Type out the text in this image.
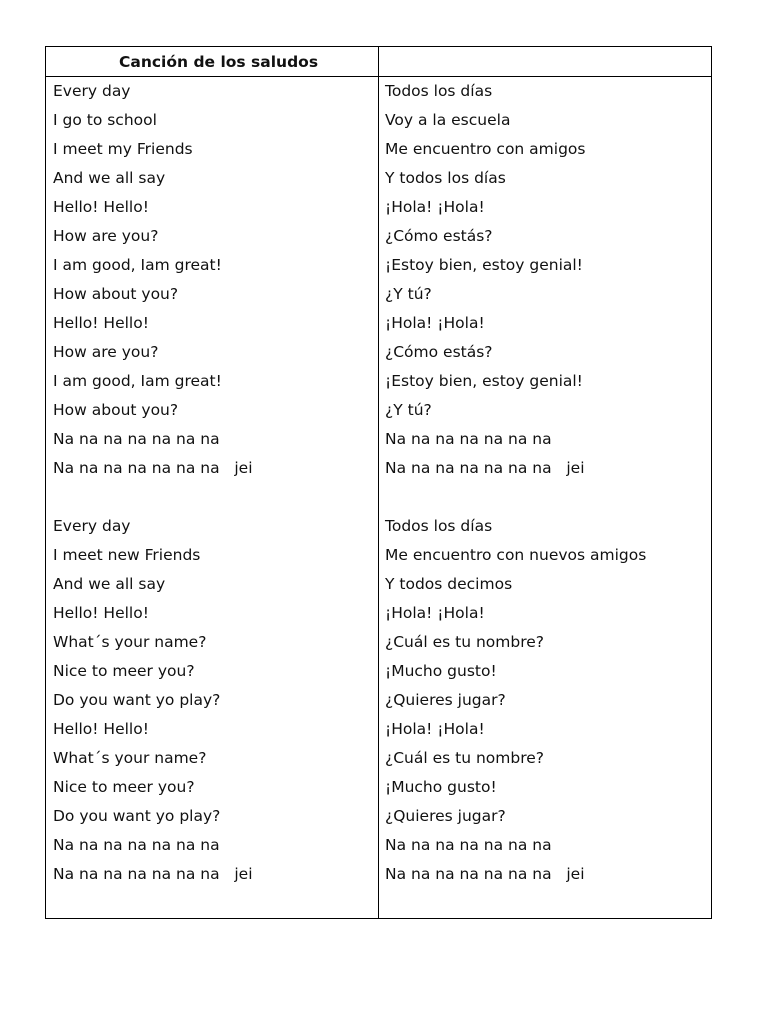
Canción de los saludos
Every day
I go to school
I meet my Friends
And we all say
Hello! Hello!
How are you?
I am good, Iam great!
How about you?
Hello! Hello!
How are you?
I am good, Iam great!
How about you?
Na na na na na na na
Na na na na na na na   jei
Every day
I meet new Friends
And we all say
Hello! Hello!
What´s your name?
Nice to meer you?
Do you want yo play?
Hello! Hello!
What´s your name?
Nice to meer you?
Do you want yo play?
Na na na na na na na
Na na na na na na na   jei
Todos los días
Voy a la escuela
Me encuentro con amigos
Y todos los días
¡Hola! ¡Hola!
¿Cómo estás?
¡Estoy bien, estoy genial!
¿Y tú?
¡Hola! ¡Hola!
¿Cómo estás?
¡Estoy bien, estoy genial!
¿Y tú?
Na na na na na na na
Na na na na na na na   jei
Todos los días
Me encuentro con nuevos amigos
Y todos decimos
¡Hola! ¡Hola!
¿Cuál es tu nombre?
¡Mucho gusto!
¿Quieres jugar?
¡Hola! ¡Hola!
¿Cuál es tu nombre?
¡Mucho gusto!
¿Quieres jugar?
Na na na na na na na
Na na na na na na na   jei
